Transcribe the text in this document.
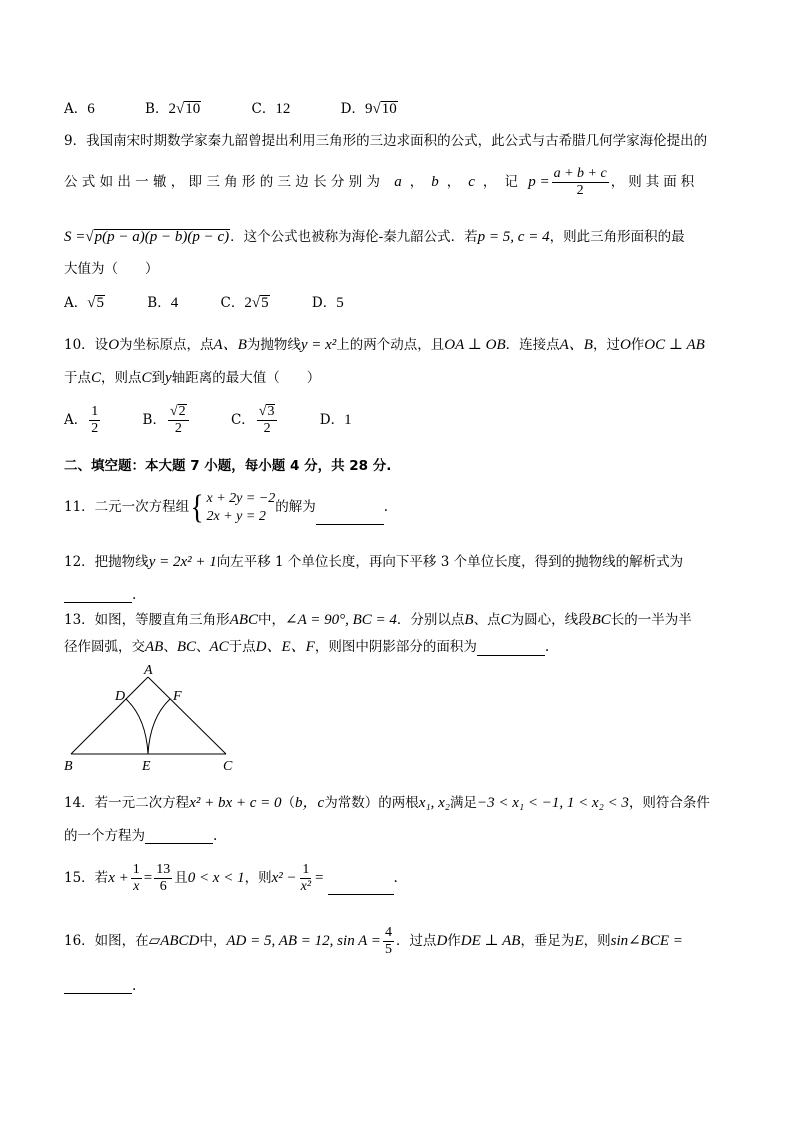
A．6	B．2√10	C．12	D．9√10
9．我国南宋时期数学家秦九韶曾提出利用三角形的三边求面积的公式，此公式与古希腊几何学家海伦提出的
公 式 如 出 一 辙 ， 即 三 角 形 的 三 边 长 分 别 为 a ， b ， c ， 记 $p = \frac{a + b + c}{2}$ ，则其面积
S =√p(p − a)(p − b)(p − c)．这个公式也被称为海伦-秦九韶公式．若p = 5, c = 4，则此三角形面积的最
大值为（　　）
A．√5	B．4	C．2√5	D．5
10．设O为坐标原点，点A、B为抛物线y = x²上的两个动点，且OA ⊥ OB．连接点A、B，过O作OC ⊥ AB
于点C，则点C到y轴距离的最大值（　　）
A． $\frac{1}{2}$	B． $\frac{√2}{2}$	C． $\frac{√3}{2}$	D．1
二、填空题：本大题 7 小题，每小题 4 分，共 28 分.
11．二元一次方程组 { x + 2y = −2
2x + y = 2
的解为	.
12．把抛物线y = 2x² + 1向左平移 1 个单位长度，再向下平移 3 个单位长度，得到的抛物线的解析式为
.
13．如图，等腰直角三角形ABC中，∠A = 90°, BC = 4．分别以点B、点C为圆心，线段BC长的一半为半
径作圆弧，交AB、BC、AC于点D、E、F，则图中阴影部分的面积为	.
A
B	C
D
E
F
14．若一元二次方程x² + bx + c = 0（b，c为常数）的两根x₁, x₂满足−3 < x₁ < −1, 1 < x₂ < 3，则符合条件
的一个方程为	.
15．若$x + \frac{1}{x} = \frac{13}{6}$ 且0 < x < 1，则$x^2 - \frac{1}{\text{x²}}$ =	.
16．如图，在▱ABCD中，AD = 5, AB = 12, $\sin A = \frac{4}{5}$ ．过点D作DE ⊥ AB，垂足为E，则sin∠BCE =
.
